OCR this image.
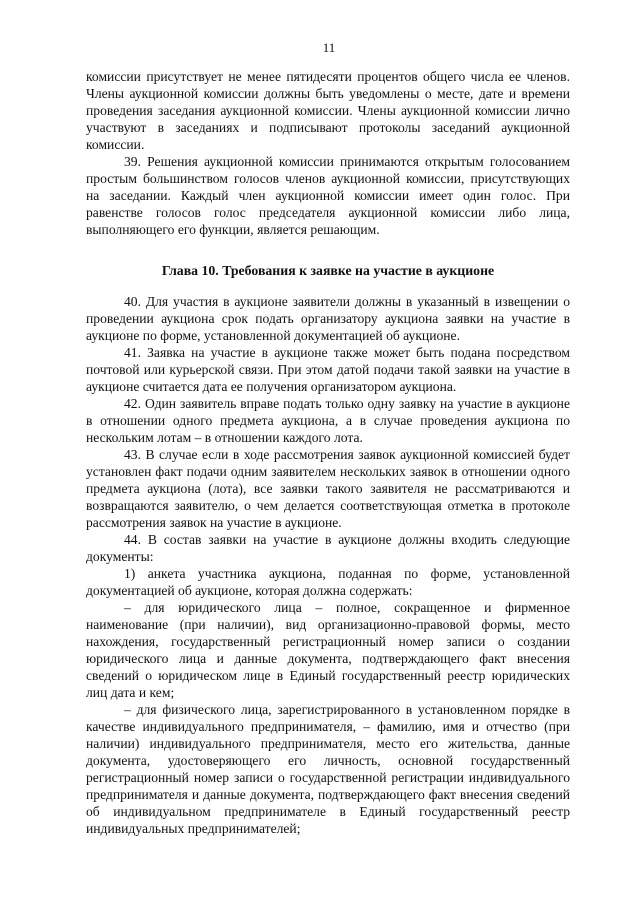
11

комиссии присутствует не менее пятидесяти процентов общего числа ее членов. Члены аукционной комиссии должны быть уведомлены о месте, дате и времени проведения заседания аукционной комиссии. Члены аукционной комиссии лично участвуют в заседаниях и подписывают протоколы заседаний аукционной комиссии.

39. Решения аукционной комиссии принимаются открытым голосованием простым большинством голосов членов аукционной комиссии, присутствующих на заседании. Каждый член аукционной комиссии имеет один голос. При равенстве голосов голос председателя аукционной комиссии либо лица, выполняющего его функции, является решающим.

Глава 10. Требования к заявке на участие в аукционе

40. Для участия в аукционе заявители должны в указанный в извещении о проведении аукциона срок подать организатору аукциона заявки на участие в аукционе по форме, установленной документацией об аукционе.

41. Заявка на участие в аукционе также может быть подана посредством почтовой или курьерской связи. При этом датой подачи такой заявки на участие в аукционе считается дата ее получения организатором аукциона.

42. Один заявитель вправе подать только одну заявку на участие в аукционе в отношении одного предмета аукциона, а в случае проведения аукциона по нескольким лотам – в отношении каждого лота.

43. В случае если в ходе рассмотрения заявок аукционной комиссией будет установлен факт подачи одним заявителем нескольких заявок в отношении одного предмета аукциона (лота), все заявки такого заявителя не рассматриваются и возвращаются заявителю, о чем делается соответствующая отметка в протоколе рассмотрения заявок на участие в аукционе.

44. В состав заявки на участие в аукционе должны входить следующие документы:

1) анкета участника аукциона, поданная по форме, установленной документацией об аукционе, которая должна содержать:

– для юридического лица – полное, сокращенное и фирменное наименование (при наличии), вид организационно-правовой формы, место нахождения, государственный регистрационный номер записи о создании юридического лица и данные документа, подтверждающего факт внесения сведений о юридическом лице в Единый государственный реестр юридических лиц дата и кем;

– для физического лица, зарегистрированного в установленном порядке в качестве индивидуального предпринимателя, – фамилию, имя и отчество (при наличии) индивидуального предпринимателя, место его жительства, данные документа, удостоверяющего его личность, основной государственный регистрационный номер записи о государственной регистрации индивидуального предпринимателя и данные документа, подтверждающего факт внесения сведений об индивидуальном предпринимателе в Единый государственный реестр индивидуальных предпринимателей;
